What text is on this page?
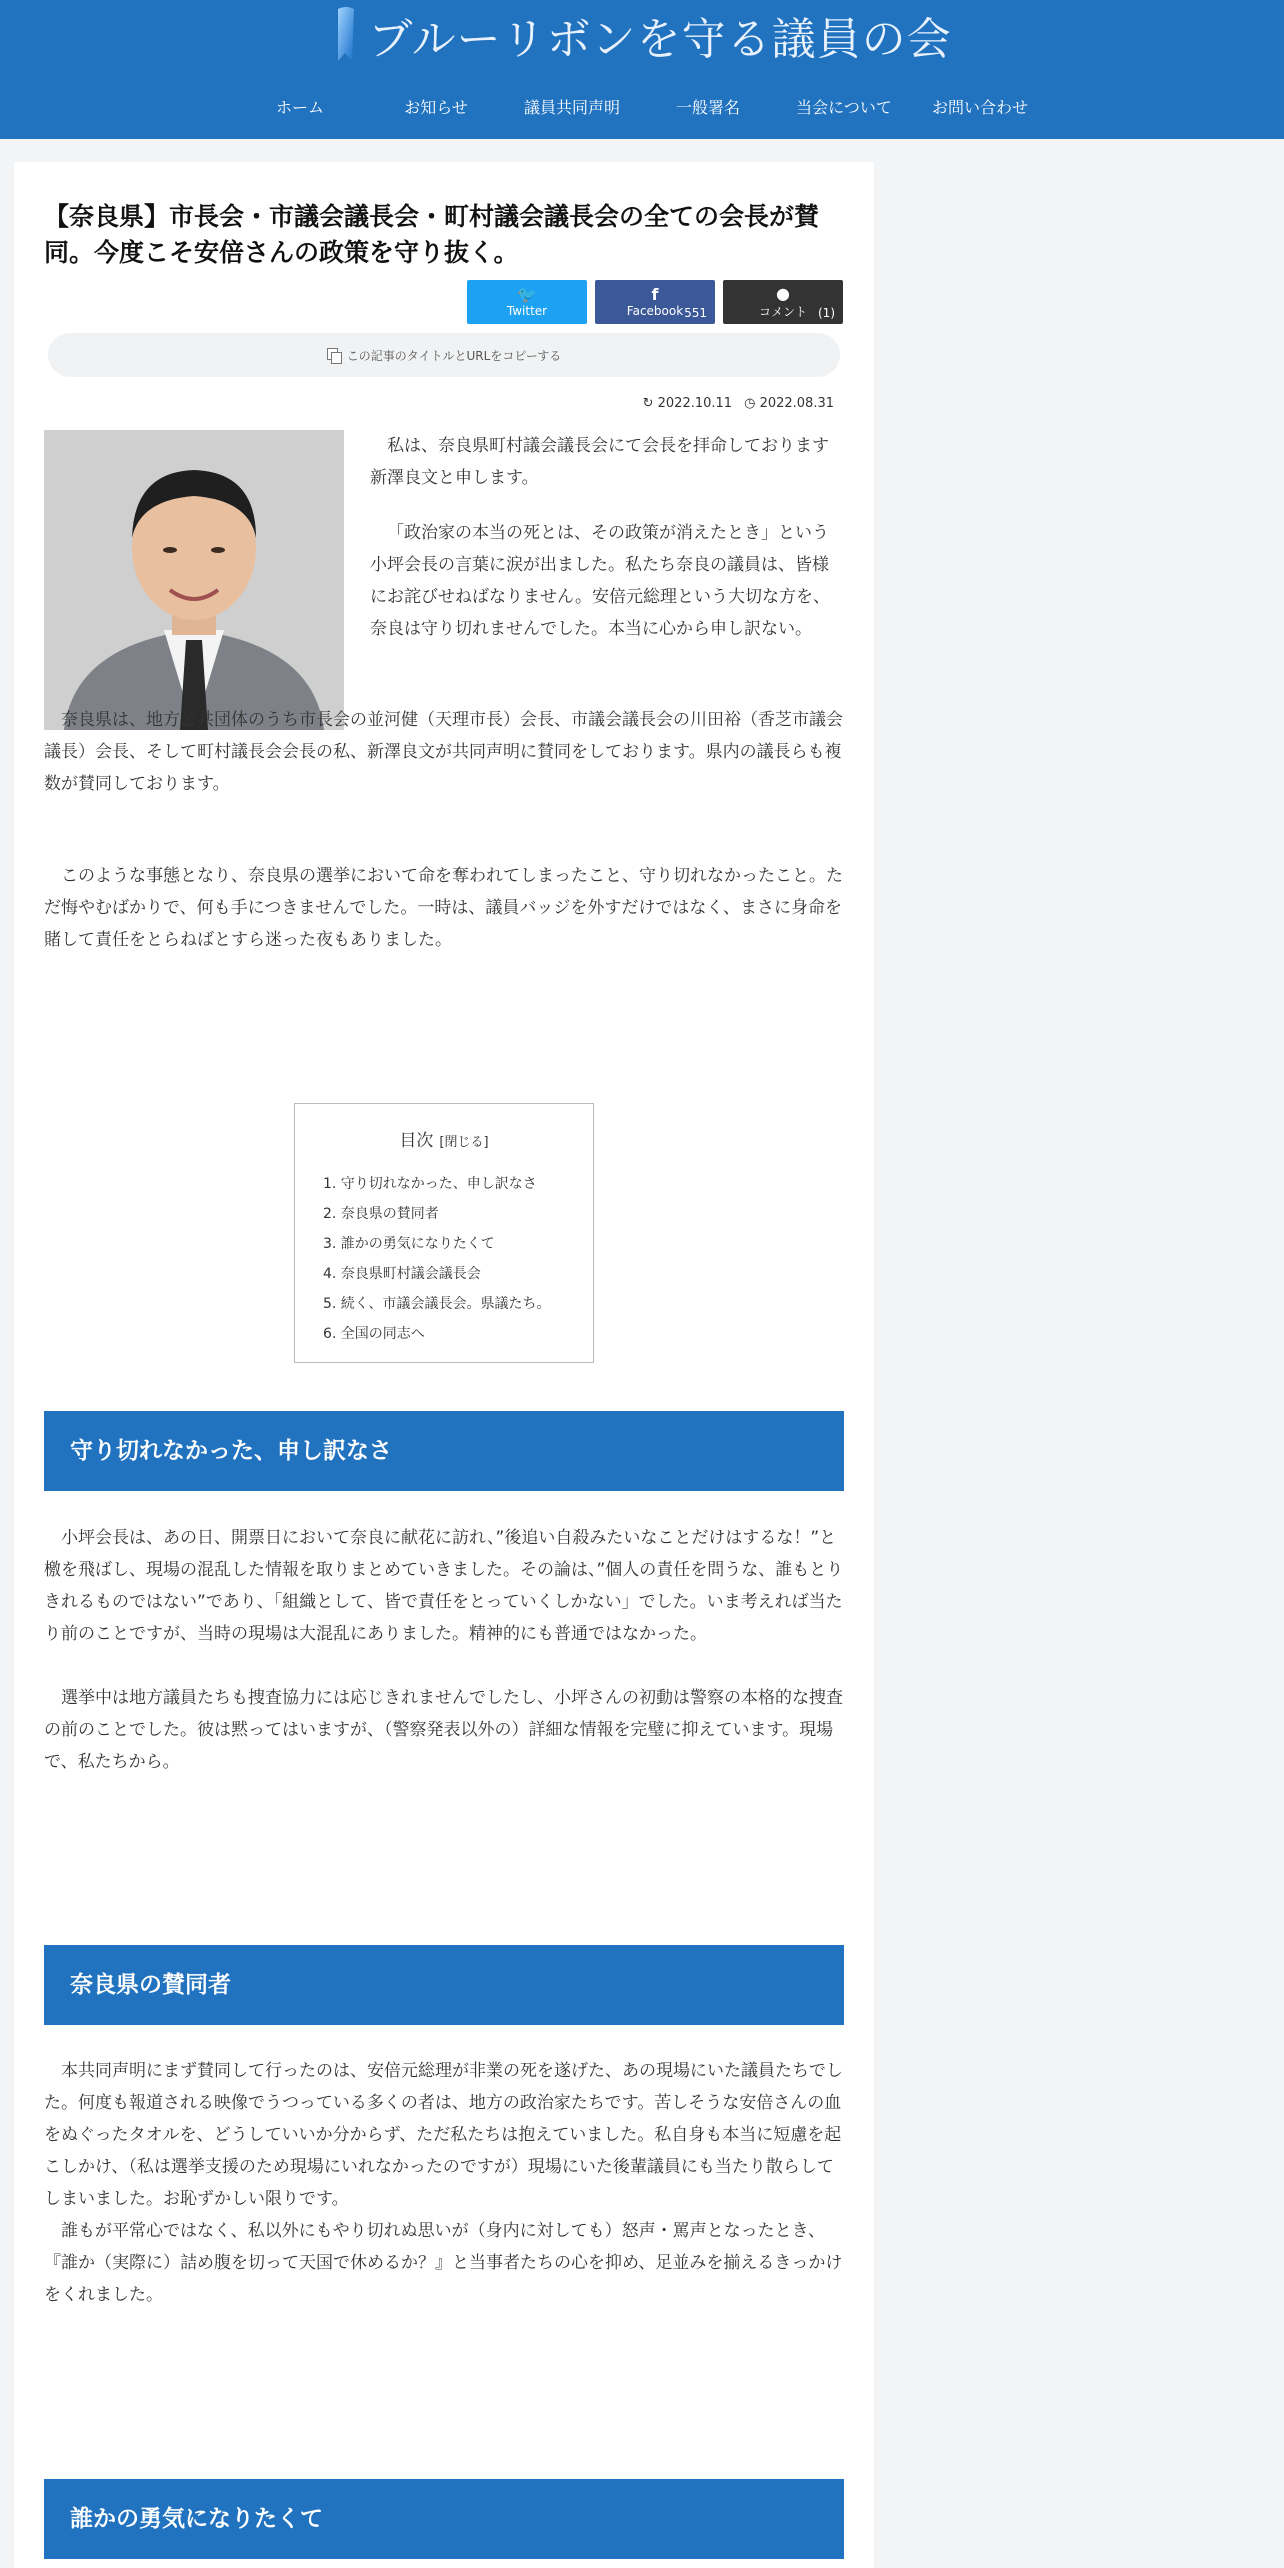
ブルーリボンを守る議員の会
ホーム	お知らせ	議員共同声明	一般署名	当会について	お問い合わせ
【奈良県】市長会・市議会議長会・町村議会議長会の全ての会長が賛同。今度こそ安倍さんの政策を守り抜く。
🐦
Twitter
f
Facebook 551
●
コメント (1)
この記事のタイトルとURLをコピーする
↻ 2022.10.11 ◷ 2022.08.31

私は、奈良県町村議会議長会にて会長を拝命しております新澤良文と申します。

「政治家の本当の死とは、その政策が消えたとき」という小坪会長の言葉に涙が出ました。私たち奈良の議員は、皆様にお詫びせねばなりません。安倍元総理という大切な方を、奈良は守り切れませんでした。本当に心から申し訳ない。

奈良県は、地方公共団体のうち市長会の並河健（天理市長）会長、市議会議長会の川田裕（香芝市議会議長）会長、そして町村議長会会長の私、新澤良文が共同声明に賛同をしております。県内の議長らも複数が賛同しております。

このような事態となり、奈良県の選挙において命を奪われてしまったこと、守り切れなかったこと。ただ悔やむばかりで、何も手につきませんでした。一時は、議員バッジを外すだけではなく、まさに身命を賭して責任をとらねばとすら迷った夜もありました。

目次 [閉じる]
1. 守り切れなかった、申し訳なさ
2. 奈良県の賛同者
3. 誰かの勇気になりたくて
4. 奈良県町村議会議長会
5. 続く、市議会議長会。県議たち。
6. 全国の同志へ
守り切れなかった、申し訳なさ

小坪会長は、あの日、開票日において奈良に献花に訪れ、”後追い自殺みたいなことだけはするな！”と檄を飛ばし、現場の混乱した情報を取りまとめていきました。その論は、”個人の責任を問うな、誰もとりきれるものではない”であり、「組織として、皆で責任をとっていくしかない」でした。いま考えれば当たり前のことですが、当時の現場は大混乱にありました。精神的にも普通ではなかった。

選挙中は地方議員たちも捜査協力には応じきれませんでしたし、小坪さんの初動は警察の本格的な捜査の前のことでした。彼は黙ってはいますが、（警察発表以外の）詳細な情報を完璧に抑えています。現場で、私たちから。

奈良県の賛同者

本共同声明にまず賛同して行ったのは、安倍元総理が非業の死を遂げた、あの現場にいた議員たちでした。何度も報道される映像でうつっている多くの者は、地方の政治家たちです。苦しそうな安倍さんの血をぬぐったタオルを、どうしていいか分からず、ただ私たちは抱えていました。私自身も本当に短慮を起こしかけ、（私は選挙支援のため現場にいれなかったのですが）現場にいた後輩議員にも当たり散らしてしまいました。お恥ずかしい限りです。

誰もが平常心ではなく、私以外にもやり切れぬ思いが（身内に対しても）怒声・罵声となったとき、『誰か（実際に）詰め腹を切って天国で休めるか？』と当事者たちの心を抑め、足並みを揃えるきっかけをくれました。

誰かの勇気になりたくて
